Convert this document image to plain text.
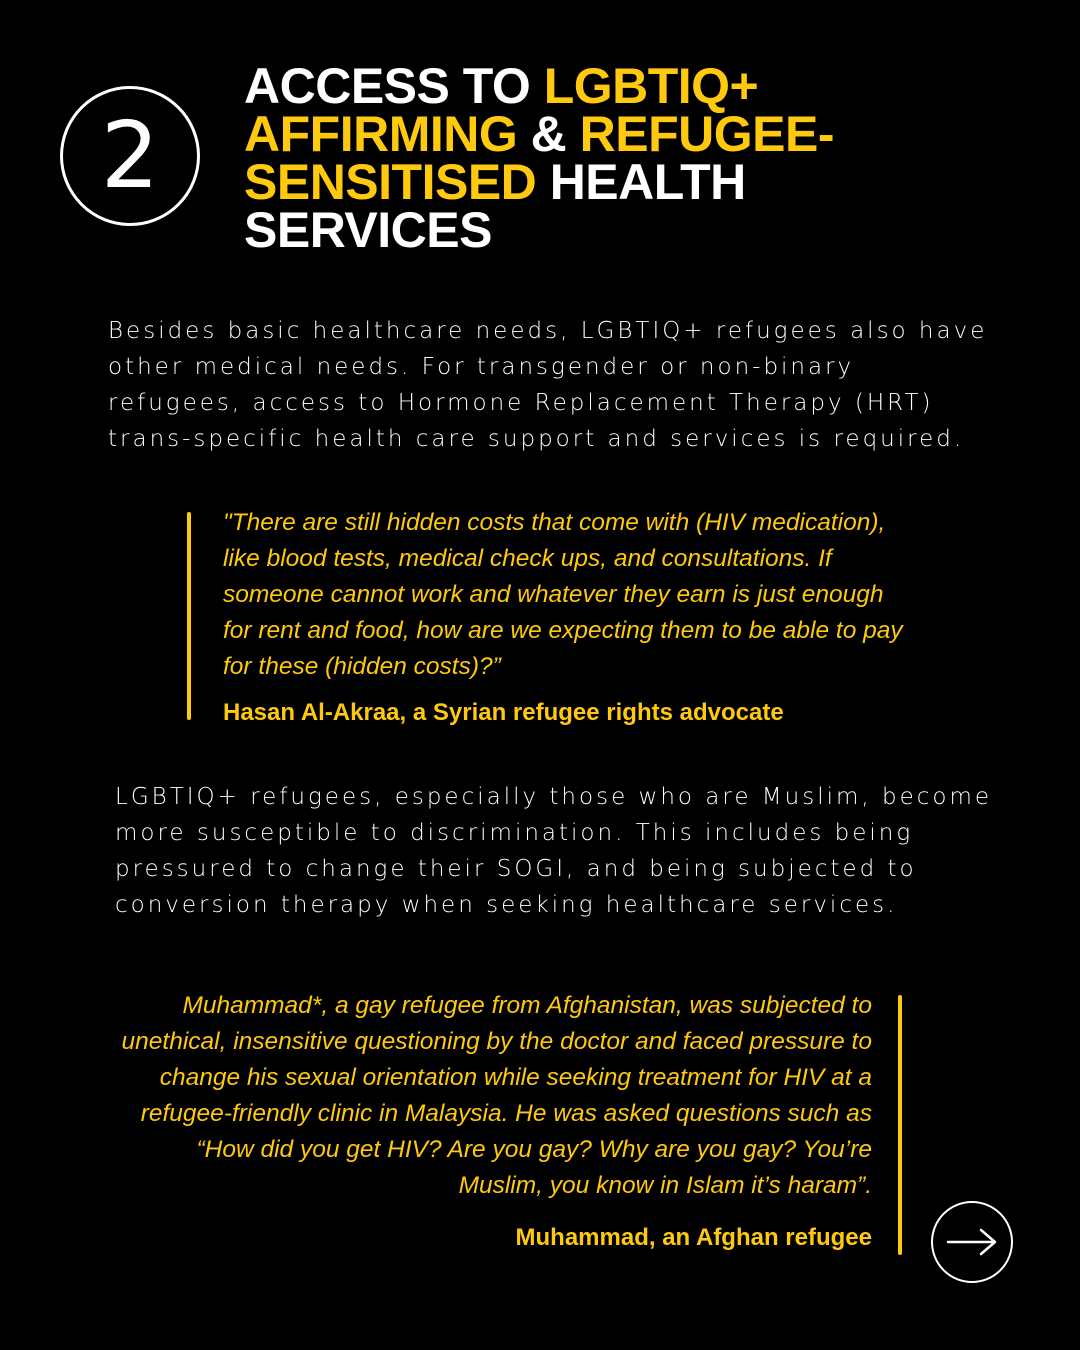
2
ACCESS TO LGBTIQ+
AFFIRMING & REFUGEE-
SENSITISED HEALTH
SERVICES

Besides basic healthcare needs, LGBTIQ+ refugees also have other medical needs. For transgender or non-binary refugees, access to Hormone Replacement Therapy (HRT) trans-specific health care support and services is required.

"There are still hidden costs that come with (HIV medication), like blood tests, medical check ups, and consultations. If someone cannot work and whatever they earn is just enough for rent and food, how are we expecting them to be able to pay for these (hidden costs)?”

Hasan Al-Akraa, a Syrian refugee rights advocate

LGBTIQ+ refugees, especially those who are Muslim, become more susceptible to discrimination. This includes being pressured to change their SOGI, and being subjected to conversion therapy when seeking healthcare services.

Muhammad*, a gay refugee from Afghanistan, was subjected to unethical, insensitive questioning by the doctor and faced pressure to change his sexual orientation while seeking treatment for HIV at a refugee-friendly clinic in Malaysia. He was asked questions such as “How did you get HIV? Are you gay? Why are you gay? You’re Muslim, you know in Islam it’s haram”.

Muhammad, an Afghan refugee
